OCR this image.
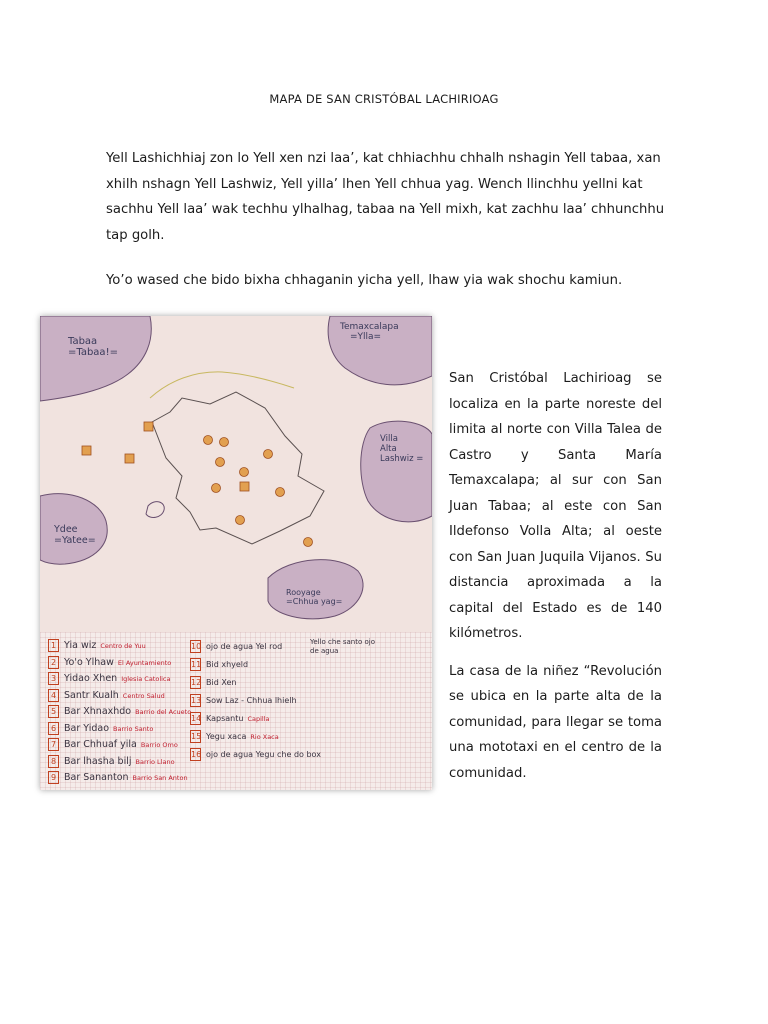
MAPA DE SAN CRISTÓBAL LACHIRIOAG

Yell Lashichhiaj zon lo Yell xen nzi laa’, kat chhiachhu chhalh nshagin Yell tabaa, xan xhilh nshagn Yell Lashwiz, Yell yilla’ lhen Yell chhua yag. Wench llinchhu yellni kat sachhu Yell laa’ wak techhu ylhalhag, tabaa na Yell mixh, kat zachhu laa’ chhunchhu tap golh.

Yo’o wased che bido bixha chhaganin yicha yell, lhaw yia wak shochu kamiun.

Tabaa
=Tabaa!=
Temaxcalapa
=Ylla=
Villa
Alta
Lashwiz =
Ydee
=Yatee=
Rooyage
=Chhua yag=
1 Yia wiz Centro de Yuu
2 Yo'o Ylhaw El Ayuntamiento
3 Yidao Xhen Iglesia Catolica
4 Santr Kualh Centro Salud
5 Bar Xhnaxhdo Barrio del Acueto
6 Bar Yidao Barrio Santo
7 Bar Chhuaf yila Barrio Omo
8 Bar lhasha bilj Barrio Llano
9 Bar Sananton Barrio San Anton
10 ojo de agua Yel rod
11 Bid xhyeld
12 Bid Xen
13 Sow Laz - Chhua lhielh
14 Kapsantu Capilla
15 Yegu xaca Rio Xaca
16 ojo de agua Yegu che do box
Yello che santo ojo de agua

San Cristóbal Lachirioag se localiza en la parte noreste del limita al norte con Villa Talea de Castro y Santa María Temaxcalapa; al sur con San Juan Tabaa; al este con San Ildefonso Volla Alta; al oeste con San Juan Juquila Vijanos. Su distancia aproximada a la capital del Estado es de 140 kilómetros.

La casa de la niñez “Revolución se ubica en la parte alta de la comunidad, para llegar se toma una mototaxi en el centro de la comunidad.
